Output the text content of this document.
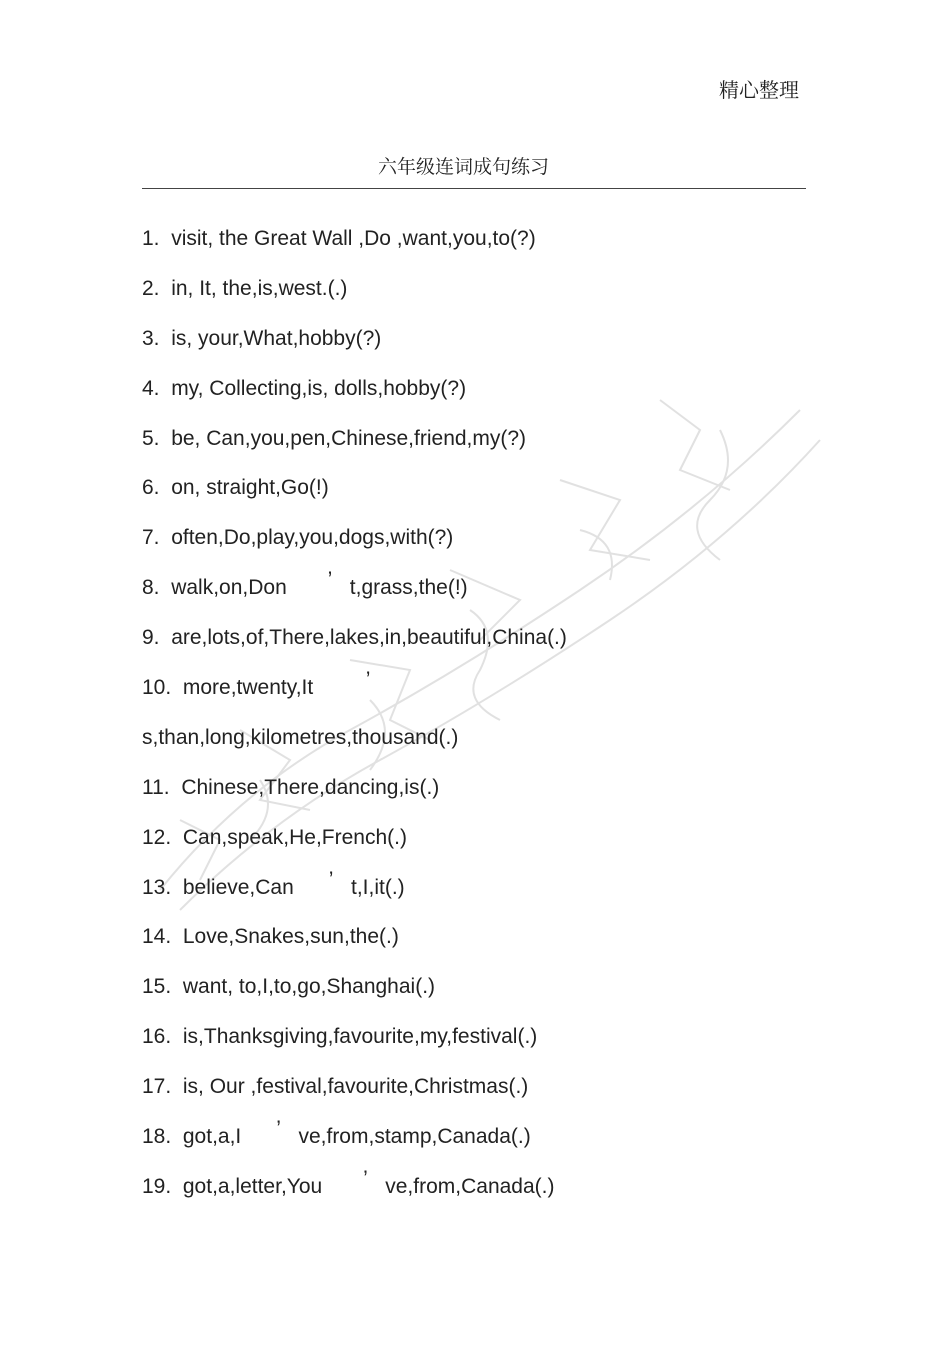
精心整理
六年级连词成句练习
1. visit, the Great Wall ,Do ,want,you,to(?)
2. in, It, the,is,west.(.)
3. is, your,What,hobby(?)
4. my, Collecting,is, dolls,hobby(?)
5. be, Can,you,pen,Chinese,friend,my(?)
6. on, straight,Go(!)
7. often,Do,play,you,dogs,with(?)
8. walk,on,Don ’ t,grass,the(!)
9. are,lots,of,There,lakes,in,beautiful,China(.)
10. more,twenty,It	’
s,than,long,kilometres,thousand(.)
11. Chinese,There,dancing,is(.)
12. Can,speak,He,French(.)
13. believe,Can ’ t,I,it(.)
14. Love,Snakes,sun,the(.)
15. want, to,I,to,go,Shanghai(.)
16. is,Thanksgiving,favourite,my,festival(.)
17. is, Our ,festival,favourite,Christmas(.)
18. got,a,I ’ ve,from,stamp,Canada(.)
19. got,a,letter,You ’ ve,from,Canada(.)
